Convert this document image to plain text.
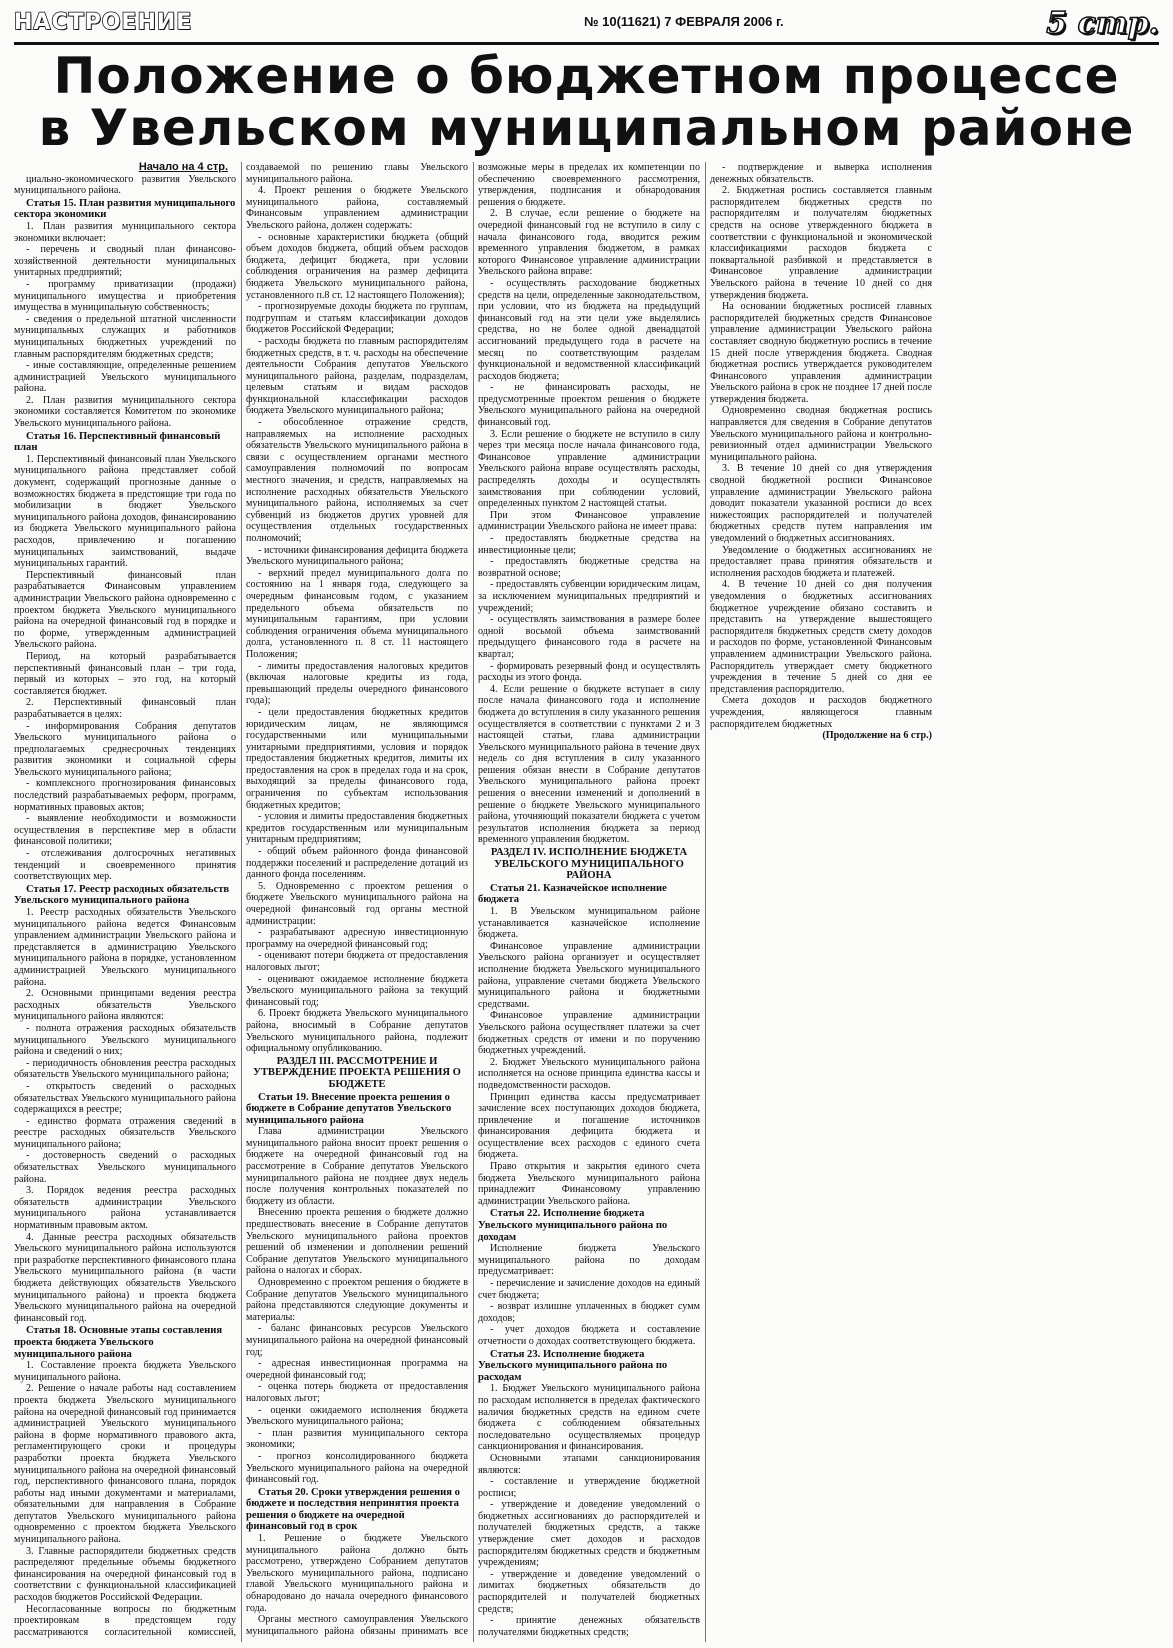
НАСТРОЕНИЕ	№ 10(11621) 7 ФЕВРАЛЯ 2006 г.	5 стр.
Положение о бюджетном процессе
в Увельском муниципальном районе

Начало на 4 стр.

циально-экономического развития Увельского муниципального района.

Статья 15. План развития муниципального сектора экономики

1. План развития муниципального сектора экономики включает:

- перечень и сводный план финансово-хозяйственной деятельности муниципальных унитарных предприятий;

- программу приватизации (продажи) муниципального имущества и приобретения имущества в муниципальную собственность;

- сведения о предельной штатной численности муниципальных служащих и работников муниципальных бюджетных учреждений по главным распорядителям бюджетных средств;

- иные составляющие, определенные решением администрацией Увельского муниципального района.

2. План развития муниципального сектора экономики составляется Комитетом по экономике Увельского муниципального района.

Статья 16. Перспективный финансовый план

1. Перспективный финансовый план Увельского муниципального района представляет собой документ, содержащий прогнозные данные о возможностях бюджета в предстоящие три года по мобилизации в бюджет Увельского муниципального района доходов, финансированию из бюджета Увельского муниципального района расходов, привлечению и погашению муниципальных заимствований, выдаче муниципальных гарантий.

Перспективный финансовый план разрабатывается Финансовым управлением администрации Увельского района одновременно с проектом бюджета Увельского муниципального района на очередной финансовый год в порядке и по форме, утвержденным администрацией Увельского района.

Период, на который разрабатывается перспективный финансовый план – три года, первый из которых – это год, на который составляется бюджет.

2. Перспективный финансовый план разрабатывается в целях:

- информирования Собрания депутатов Увельского муниципального района о предполагаемых среднесрочных тенденциях развития экономики и социальной сферы Увельского муниципального района;

- комплексного прогнозирования финансовых последствий разрабатываемых реформ, программ, нормативных правовых актов;

- выявление необходимости и возможности осуществления в перспективе мер в области финансовой политики;

- отслеживания долгосрочных негативных тенденций и своевременного принятия соответствующих мер.

Статья 17. Реестр расходных обязательств Увельского муниципального района

1. Реестр расходных обязательств Увельского муниципального района ведется Финансовым управлением администрации Увельского района и представляется в администрацию Увельского муниципального района в порядке, установленном администрацией Увельского муниципального района.

2. Основными принципами ведения реестра расходных обязательств Увельского муниципального района являются:

- полнота отражения расходных обязательств муниципального Увельского муниципального района и сведений о них;

- периодичность обновления реестра расходных обязательств Увельского муниципального района;

- открытость сведений о расходных обязательствах Увельского муниципального района содержащихся в реестре;

- единство формата отражения сведений в реестре расходных обязательств Увельского муниципального района;

- достоверность сведений о расходных обязательствах Увельского муниципального района.

3. Порядок ведения реестра расходных обязательств администрации Увельского муниципального района устанавливается нормативным правовым актом.

4. Данные реестра расходных обязательств Увельского муниципального района используются при разработке перспективного финансового плана Увельского муниципального района (в части бюджета действующих обязательств Увельского муниципального района) и проекта бюджета Увельского муниципального района на очередной финансовый год.

Статья 18. Основные этапы составления проекта бюджета Увельского муниципального района

1. Составление проекта бюджета Увельского муниципального района.

2. Решение о начале работы над составлением проекта бюджета Увельского муниципального района на очередной финансовый год принимается администрацией Увельского муниципального района в форме нормативного правового акта, регламентирующего сроки и процедуры разработки проекта бюджета Увельского муниципального района на очередной финансовый год, перспективного финансового плана, порядок работы над иными документами и материалами, обязательными для направления в Собрание депутатов Увельского муниципального района одновременно с проектом бюджета Увельского муниципального района.

3. Главные распорядители бюджетных средств распределяют предельные объемы бюджетного финансирования на очередной финансовый год в соответствии с функциональной классификацией расходов бюджетов Российской Федерации.

Несогласованные вопросы по бюджетным проектировкам в предстоящем году рассматриваются согласительной комиссией, создаваемой по решению главы Увельского муниципального района.

4. Проект решения о бюджете Увельского муниципального района, составляемый Финансовым управлением администрации Увельского района, должен содержать:

- основные характеристики бюджета (общий объем доходов бюджета, общий объем расходов бюджета, дефицит бюджета, при условии соблюдения ограничения на размер дефицита бюджета Увельского муниципального района, установленного п.8 ст. 12 настоящего Положения);

- прогнозируемые доходы бюджета по группам, подгруппам и статьям классификации доходов бюджетов Российской Федерации;

- расходы бюджета по главным распорядителям бюджетных средств, в т. ч. расходы на обеспечение деятельности Собрания депутатов Увельского муниципального района, разделам, подразделам, целевым статьям и видам расходов функциональной классификации расходов бюджета Увельского муниципального района;

- обособленное отражение средств, направляемых на исполнение расходных обязательств Увельского муниципального района в связи с осуществлением органами местного самоуправления полномочий по вопросам местного значения, и средств, направляемых на исполнение расходных обязательств Увельского муниципального района, исполняемых за счет субвенций из бюджетов других уровней для осуществления отдельных государственных полномочий;

- источники финансирования дефицита бюджета Увельского муниципального района;

- верхний предел муниципального долга по состоянию на 1 января года, следующего за очередным финансовым годом, с указанием предельного объема обязательств по муниципальным гарантиям, при условии соблюдения ограничения объема муниципального долга, установленного п. 8 ст. 11 настоящего Положения;

- лимиты предоставления налоговых кредитов (включая налоговые кредиты из года, превышающий пределы очередного финансового года);

- цели предоставления бюджетных кредитов юридическим лицам, не являющимся государственными или муниципальными унитарными предприятиями, условия и порядок предоставления бюджетных кредитов, лимиты их предоставления на срок в пределах года и на срок, выходящий за пределы финансового года, ограничения по субъектам использования бюджетных кредитов;

- условия и лимиты предоставления бюджетных кредитов государственным или муниципальным унитарным предприятиям;

- общий объем районного фонда финансовой поддержки поселений и распределение дотаций из данного фонда поселениям.

5. Одновременно с проектом решения о бюджете Увельского муниципального района на очередной финансовый год органы местной администрации:

- разрабатывают адресную инвестиционную программу на очередной финансовый год;

- оценивают потери бюджета от предоставления налоговых льгот;

- оценивают ожидаемое исполнение бюджета Увельского муниципального района за текущий финансовый год;

6. Проект бюджета Увельского муниципального района, вносимый в Собрание депутатов Увельского муниципального района, подлежит официальному опубликованию.

РАЗДЕЛ III. РАССМОТРЕНИЕ И УТВЕРЖДЕНИЕ ПРОЕКТА РЕШЕНИЯ О БЮДЖЕТЕ
Статьи 19. Внесение проекта решения о бюджете в Собрание депутатов Увельского муниципального района

Глава администрации Увельского муниципального района вносит проект решения о бюджете на очередной финансовый год на рассмотрение в Собрание депутатов Увельского муниципального района не позднее двух недель после получения контрольных показателей по бюджету из области.

Внесению проекта решения о бюджете должно предшествовать внесение в Собрание депутатов Увельского муниципального района проектов решений об изменении и дополнении решений Собрание депутатов Увельского муниципального района о налогах и сборах.

Одновременно с проектом решения о бюджете в Собрание депутатов Увельского муниципального района представляются следующие документы и материалы:

- баланс финансовых ресурсов Увельского муниципального района на очередной финансовый год;

- адресная инвестиционная программа на очередной финансовый год;

- оценка потерь бюджета от предоставления налоговых льгот;

- оценки ожидаемого исполнения бюджета Увельского муниципального района;

- план развития муниципального сектора экономики;

- прогноз консолидированного бюджета Увельского муниципального района на очередной финансовый год.

Статья 20. Сроки утверждения решения о бюджете и последствия непринятия проекта решения о бюджете на очередной финансовый год в срок

1. Решение о бюджете Увельского муниципального района должно быть рассмотрено, утверждено Собранием депутатов Увельского муниципального района, подписано главой Увельского муниципального района и обнародовано до начала очередного финансового года.

Органы местного самоуправления Увельского муниципального района обязаны принимать все возможные меры в пределах их компетенции по обеспечению своевременного рассмотрения, утверждения, подписания и обнародования решения о бюджете.

2. В случае, если решение о бюджете на очередной финансовый год не вступило в силу с начала финансового года, вводится режим временного управления бюджетом, в рамках которого Финансовое управление администрации Увельского района вправе:

- осуществлять расходование бюджетных средств на цели, определенные законодательством, при условии, что из бюджета на предыдущий финансовый год на эти цели уже выделялись средства, но не более одной двенадцатой ассигнований предыдущего года в расчете на месяц по соответствующим разделам функциональной и ведомственной классификаций расходов бюджета;

- не финансировать расходы, не предусмотренные проектом решения о бюджете Увельского муниципального района на очередной финансовый год.

3. Если решение о бюджете не вступило в силу через три месяца после начала финансового года, Финансовое управление администрации Увельского района вправе осуществлять расходы, распределять доходы и осуществлять заимствования при соблюдении условий, определенных пунктом 2 настоящей статьи.

При этом Финансовое управление администрации Увельского района не имеет права:

- предоставлять бюджетные средства на инвестиционные цели;

- предоставлять бюджетные средства на возвратной основе;

- предоставлять субвенции юридическим лицам, за исключением муниципальных предприятий и учреждений;

- осуществлять заимствования в размере более одной восьмой объема заимствований предыдущего финансового года в расчете на квартал;

- формировать резервный фонд и осуществлять расходы из этого фонда.

4. Если решение о бюджете вступает в силу после начала финансового года и исполнение бюджета до вступления в силу указанного решения осуществляется в соответствии с пунктами 2 и 3 настоящей статьи, глава администрации Увельского муниципального района в течение двух недель со дня вступления в силу указанного решения обязан внести в Собрание депутатов Увельского муниципального района проект решения о внесении изменений и дополнений в решение о бюджете Увельского муниципального района, уточняющий показатели бюджета с учетом результатов исполнения бюджета за период временного управления бюджетом.

РАЗДЕЛ IV. ИСПОЛНЕНИЕ БЮДЖЕТА УВЕЛЬСКОГО МУНИЦИПАЛЬНОГО РАЙОНА
Статья 21. Казначейское исполнение бюджета

1. В Увельском муниципальном районе устанавливается казначейское исполнение бюджета.

Финансовое управление администрации Увельского района организует и осуществляет исполнение бюджета Увельского муниципального района, управление счетами бюджета Увельского муниципального района и бюджетными средствами.

Финансовое управление администрации Увельского района осуществляет платежи за счет бюджетных средств от имени и по поручению бюджетных учреждений.

2. Бюджет Увельского муниципального района исполняется на основе принципа единства кассы и подведомственности расходов.

Принцип единства кассы предусматривает зачисление всех поступающих доходов бюджета, привлечение и погашение источников финансирования дефицита бюджета и осуществление всех расходов с единого счета бюджета.

Право открытия и закрытия единого счета бюджета Увельского муниципального района принадлежит Финансовому управлению администрации Увельского района.

Статья 22. Исполнение бюджета Увельского муниципального района по доходам

Исполнение бюджета Увельского муниципального района по доходам предусматривает:

- перечисление и зачисление доходов на единый счет бюджета;

- возврат излишне уплаченных в бюджет сумм доходов;

- учет доходов бюджета и составление отчетности о доходах соответствующего бюджета.

Статья 23. Исполнение бюджета Увельского муниципального района по расходам

1. Бюджет Увельского муниципального района по расходам исполняется в пределах фактического наличия бюджетных средств на едином счете бюджета с соблюдением обязательных последовательно осуществляемых процедур санкционирования и финансирования.

Основными этапами санкционирования являются:

- составление и утверждение бюджетной росписи;

- утверждение и доведение уведомлений о бюджетных ассигнованиях до распорядителей и получателей бюджетных средств, а также утверждение смет доходов и расходов распорядителям бюджетных средств и бюджетным учреждениям;

- утверждение и доведение уведомлений о лимитах бюджетных обязательств до распорядителей и получателей бюджетных средств;

- принятие денежных обязательств получателями бюджетных средств;

- подтверждение и выверка исполнения денежных обязательств.

2. Бюджетная роспись составляется главным распорядителем бюджетных средств по распорядителям и получателям бюджетных средств на основе утвержденного бюджета в соответствии с функциональной и экономической классификациями расходов бюджета с поквартальной разбивкой и представляется в Финансовое управление администрации Увельского района в течение 10 дней со дня утверждения бюджета.

На основании бюджетных росписей главных распорядителей бюджетных средств Финансовое управление администрации Увельского района составляет сводную бюджетную роспись в течение 15 дней после утверждения бюджета. Сводная бюджетная роспись утверждается руководителем Финансового управления администрации Увельского района в срок не позднее 17 дней после утверждения бюджета.

Одновременно сводная бюджетная роспись направляется для сведения в Собрание депутатов Увельского муниципального района и контрольно-ревизионный отдел администрации Увельского муниципального района.

3. В течение 10 дней со дня утверждения сводной бюджетной росписи Финансовое управление администрации Увельского района доводит показатели указанной росписи до всех нижестоящих распорядителей и получателей бюджетных средств путем направления им уведомлений о бюджетных ассигнованиях.

Уведомление о бюджетных ассигнованиях не предоставляет права принятия обязательств и исполнения расходов бюджета и платежей.

4. В течение 10 дней со дня получения уведомления о бюджетных ассигнованиях бюджетное учреждение обязано составить и представить на утверждение вышестоящего распорядителя бюджетных средств смету доходов и расходов по форме, установленной Финансовым управлением администрации Увельского района. Распорядитель утверждает смету бюджетного учреждения в течение 5 дней со дня ее представления распорядителю.

Смета доходов и расходов бюджетного учреждения, являющегося главным распорядителем бюджетных

(Продолжение на 6 стр.)
